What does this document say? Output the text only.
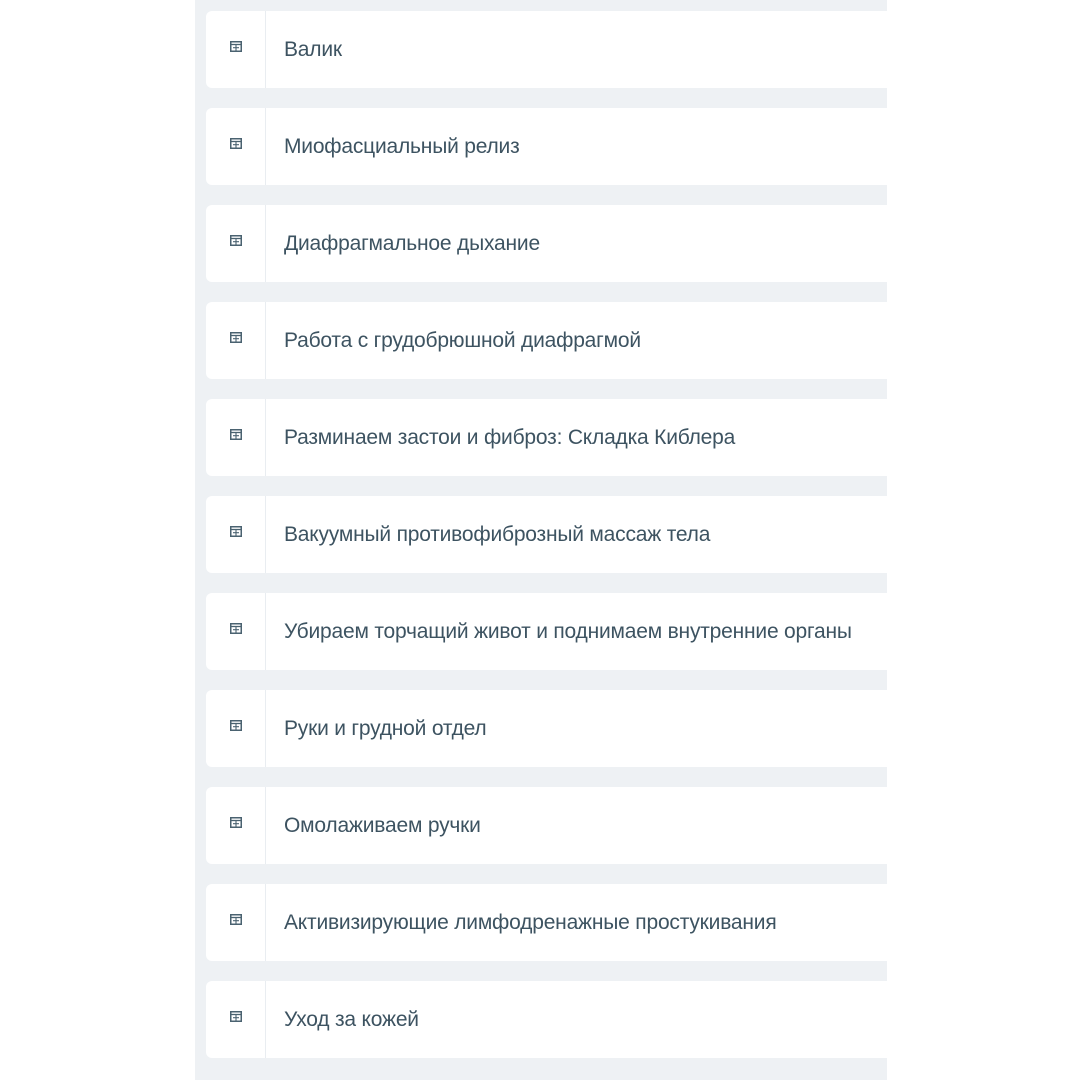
Валик
Миофасциальный релиз
Диафрагмальное дыхание
Работа с грудобрюшной диафрагмой
Разминаем застои и фиброз: Складка Киблера
Вакуумный противофиброзный массаж тела
Убираем торчащий живот и поднимаем внутренние органы
Руки и грудной отдел
Омолаживаем ручки
Активизирующие лимфодренажные простукивания
Уход за кожей
